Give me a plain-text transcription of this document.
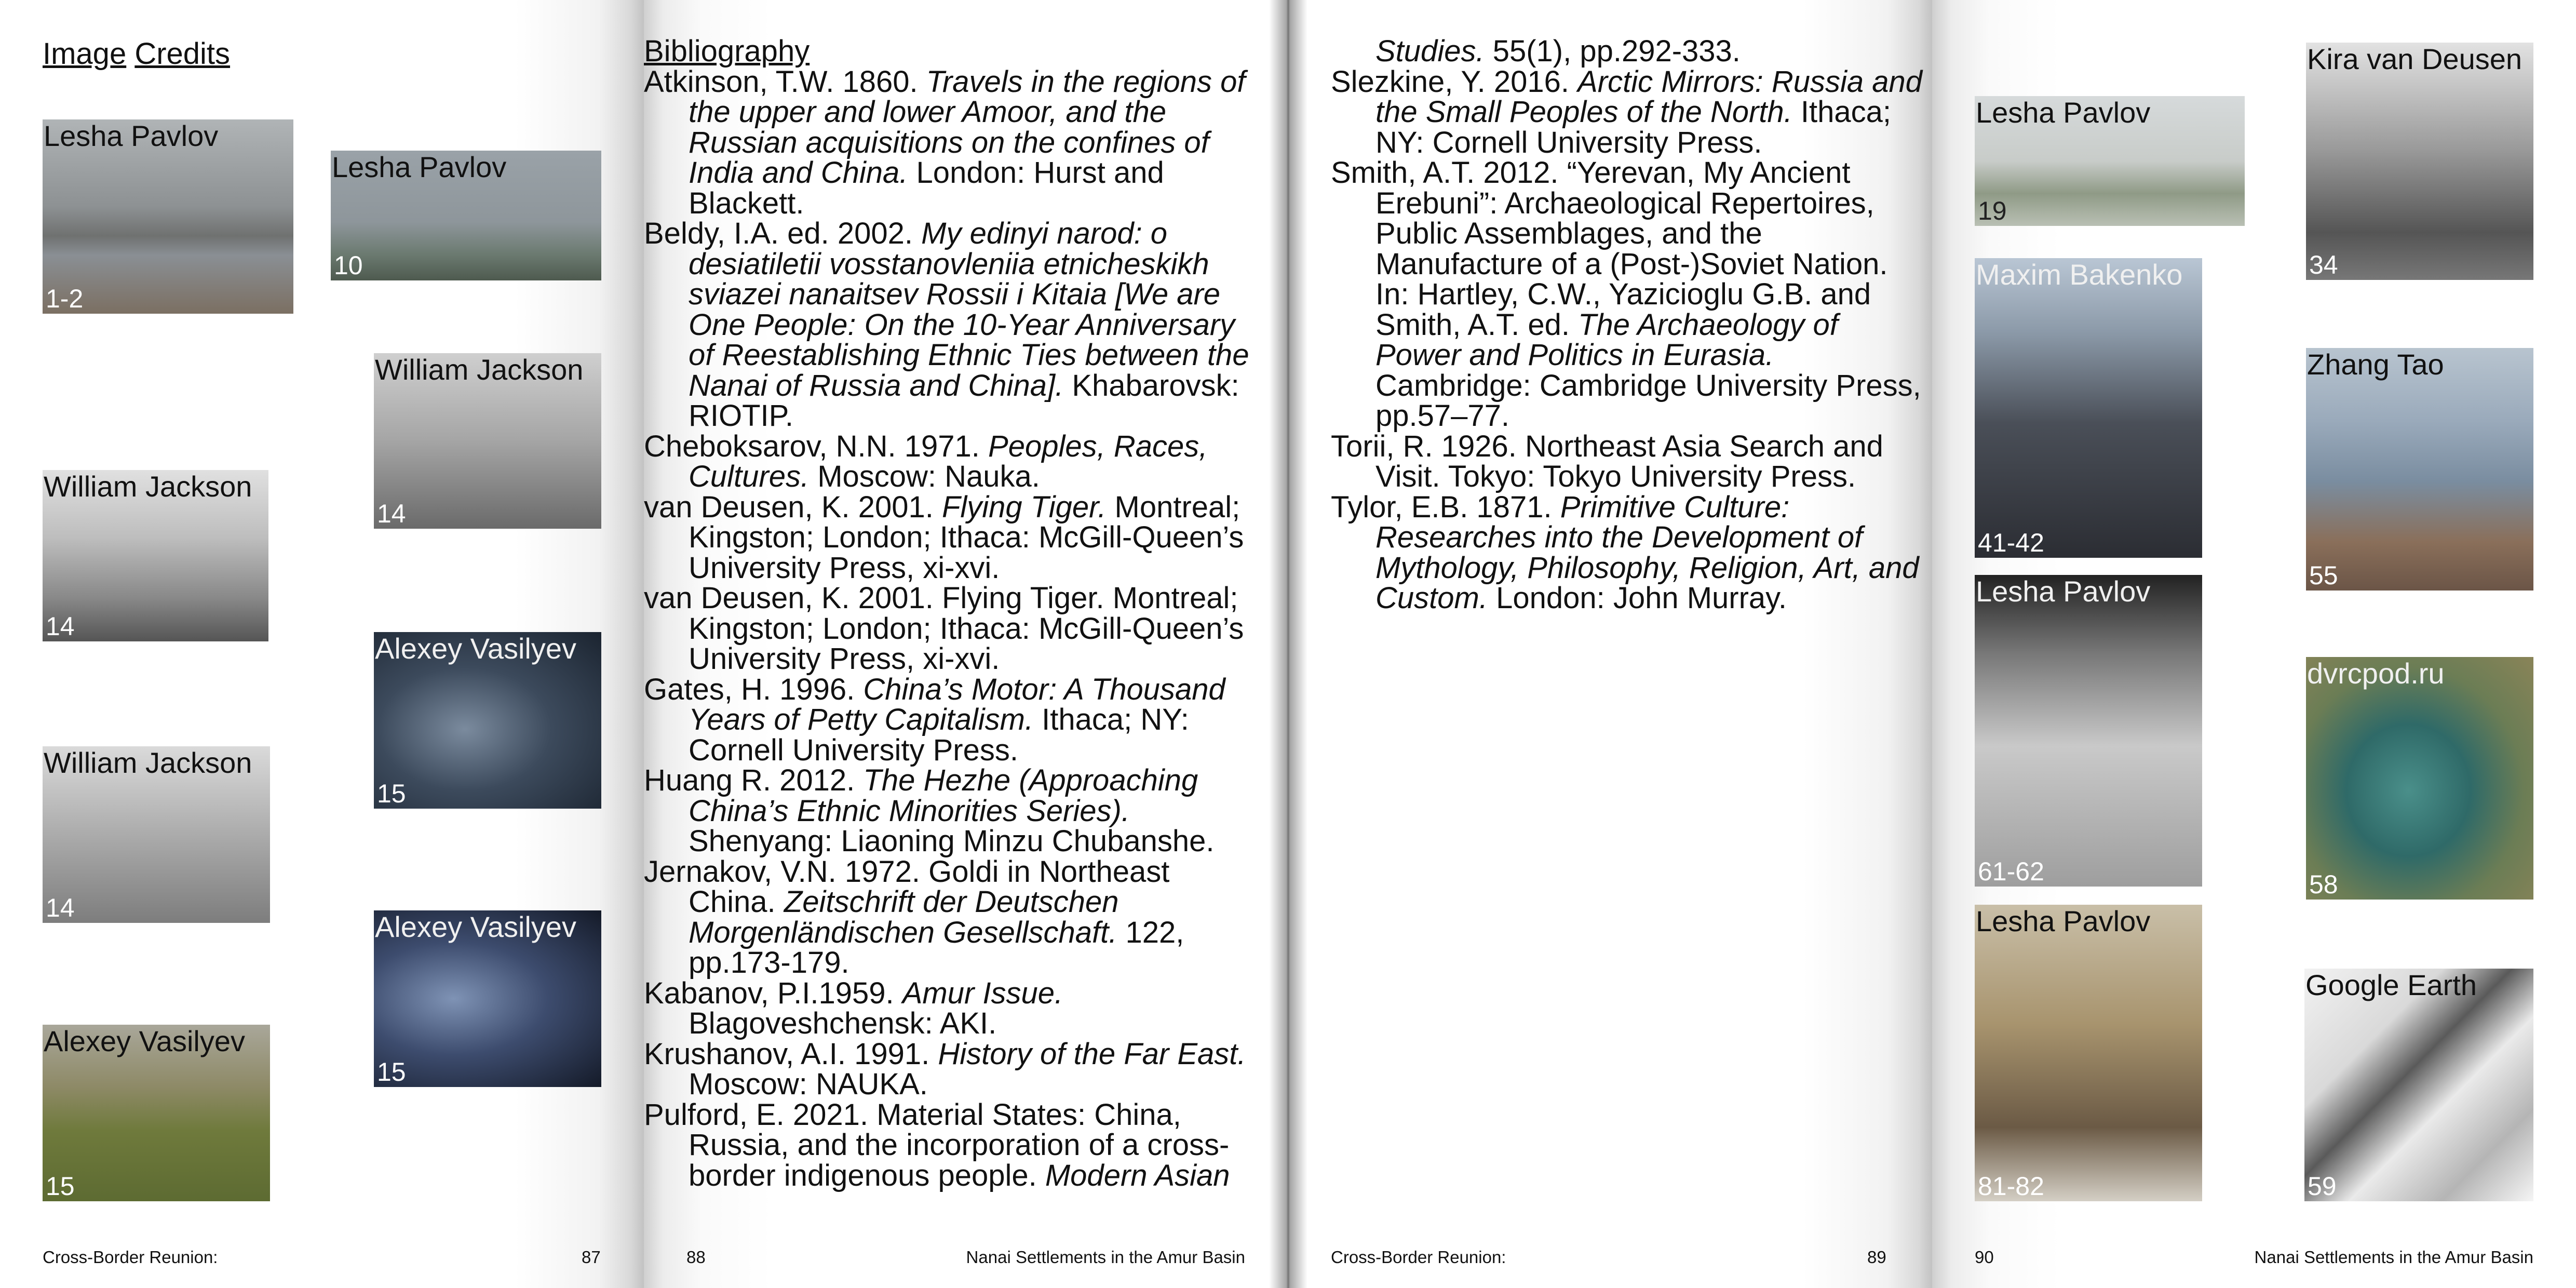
Image Credits
Lesha Pavlov
1-2
Lesha Pavlov
10
William Jackson
14
William Jackson
14
Alexey Vasilyev
15
William Jackson
14
Alexey Vasilyev
15
Alexey Vasilyev
15
Bibliography
Atkinson, T.W. 1860. Travels in the regions of the upper and lower Amoor, and the Russian acquisitions on the confines of India and China. London: Hurst and Blackett.
Beldy, I.A. ed. 2002. My edinyi narod: o desiatiletii vosstanovleniia etnicheskikh sviazei nanaitsev Rossii i Kitaia [We are One People: On the 10-Year Anniversary of Reestablishing Ethnic Ties between the Nanai of Russia and China]. Khabarovsk: RIOTIP.
Cheboksarov, N.N. 1971. Peoples, Races, Cultures. Moscow: Nauka.
van Deusen, K. 2001. Flying Tiger. Montreal; Kingston; London; Ithaca: McGill-Queen’s University Press, xi-xvi.
van Deusen, K. 2001. Flying Tiger. Montreal; Kingston; London; Ithaca: McGill-Queen’s University Press, xi-xvi.
Gates, H. 1996. China’s Motor: A Thousand Years of Petty Capitalism. Ithaca; NY: Cornell University Press.
Huang R. 2012. The Hezhe (Approaching China’s Ethnic Minorities Series). Shenyang: Liaoning Minzu Chubanshe.
Jernakov, V.N. 1972. Goldi in Northeast China. Zeitschrift der Deutschen Morgenländischen Gesellschaft. 122, pp.173-179.
Kabanov, P.I.1959. Amur Issue. Blagoveshchensk: AKI.
Krushanov, A.I. 1991. History of the Far East. Moscow: NAUKA.
Pulford, E. 2021. Material States: China, Russia, and the incorporation of a cross-border indigenous people. Modern Asian
Cross-Border Reunion:	87	88	Nanai Settlements in the Amur Basin
Studies. 55(1), pp.292-333.
Slezkine, Y. 2016. Arctic Mirrors: Russia and the Small Peoples of the North. Ithaca; NY: Cornell University Press.
Smith, A.T. 2012. “Yerevan, My Ancient Erebuni”: Archaeological Repertoires, Public Assemblages, and the Manufacture of a (Post-)Soviet Nation. In: Hartley, C.W., Yazicioglu G.B. and Smith, A.T. ed. The Archaeology of Power and Politics in Eurasia. Cambridge: Cambridge University Press, pp.57–77.
Torii, R. 1926. Northeast Asia Search and Visit. Tokyo: Tokyo University Press.
Tylor, E.B. 1871. Primitive Culture: Researches into the Development of Mythology, Philosophy, Religion, Art, and Custom. London: John Murray.
Lesha Pavlov
19
Maxim Bakenko
41-42
Lesha Pavlov
61-62
Lesha Pavlov
81-82
Kira van Deusen
34
Zhang Tao
55
dvrcpod.ru
58
Google Earth
59
Cross-Border Reunion:	89	90	Nanai Settlements in the Amur Basin
